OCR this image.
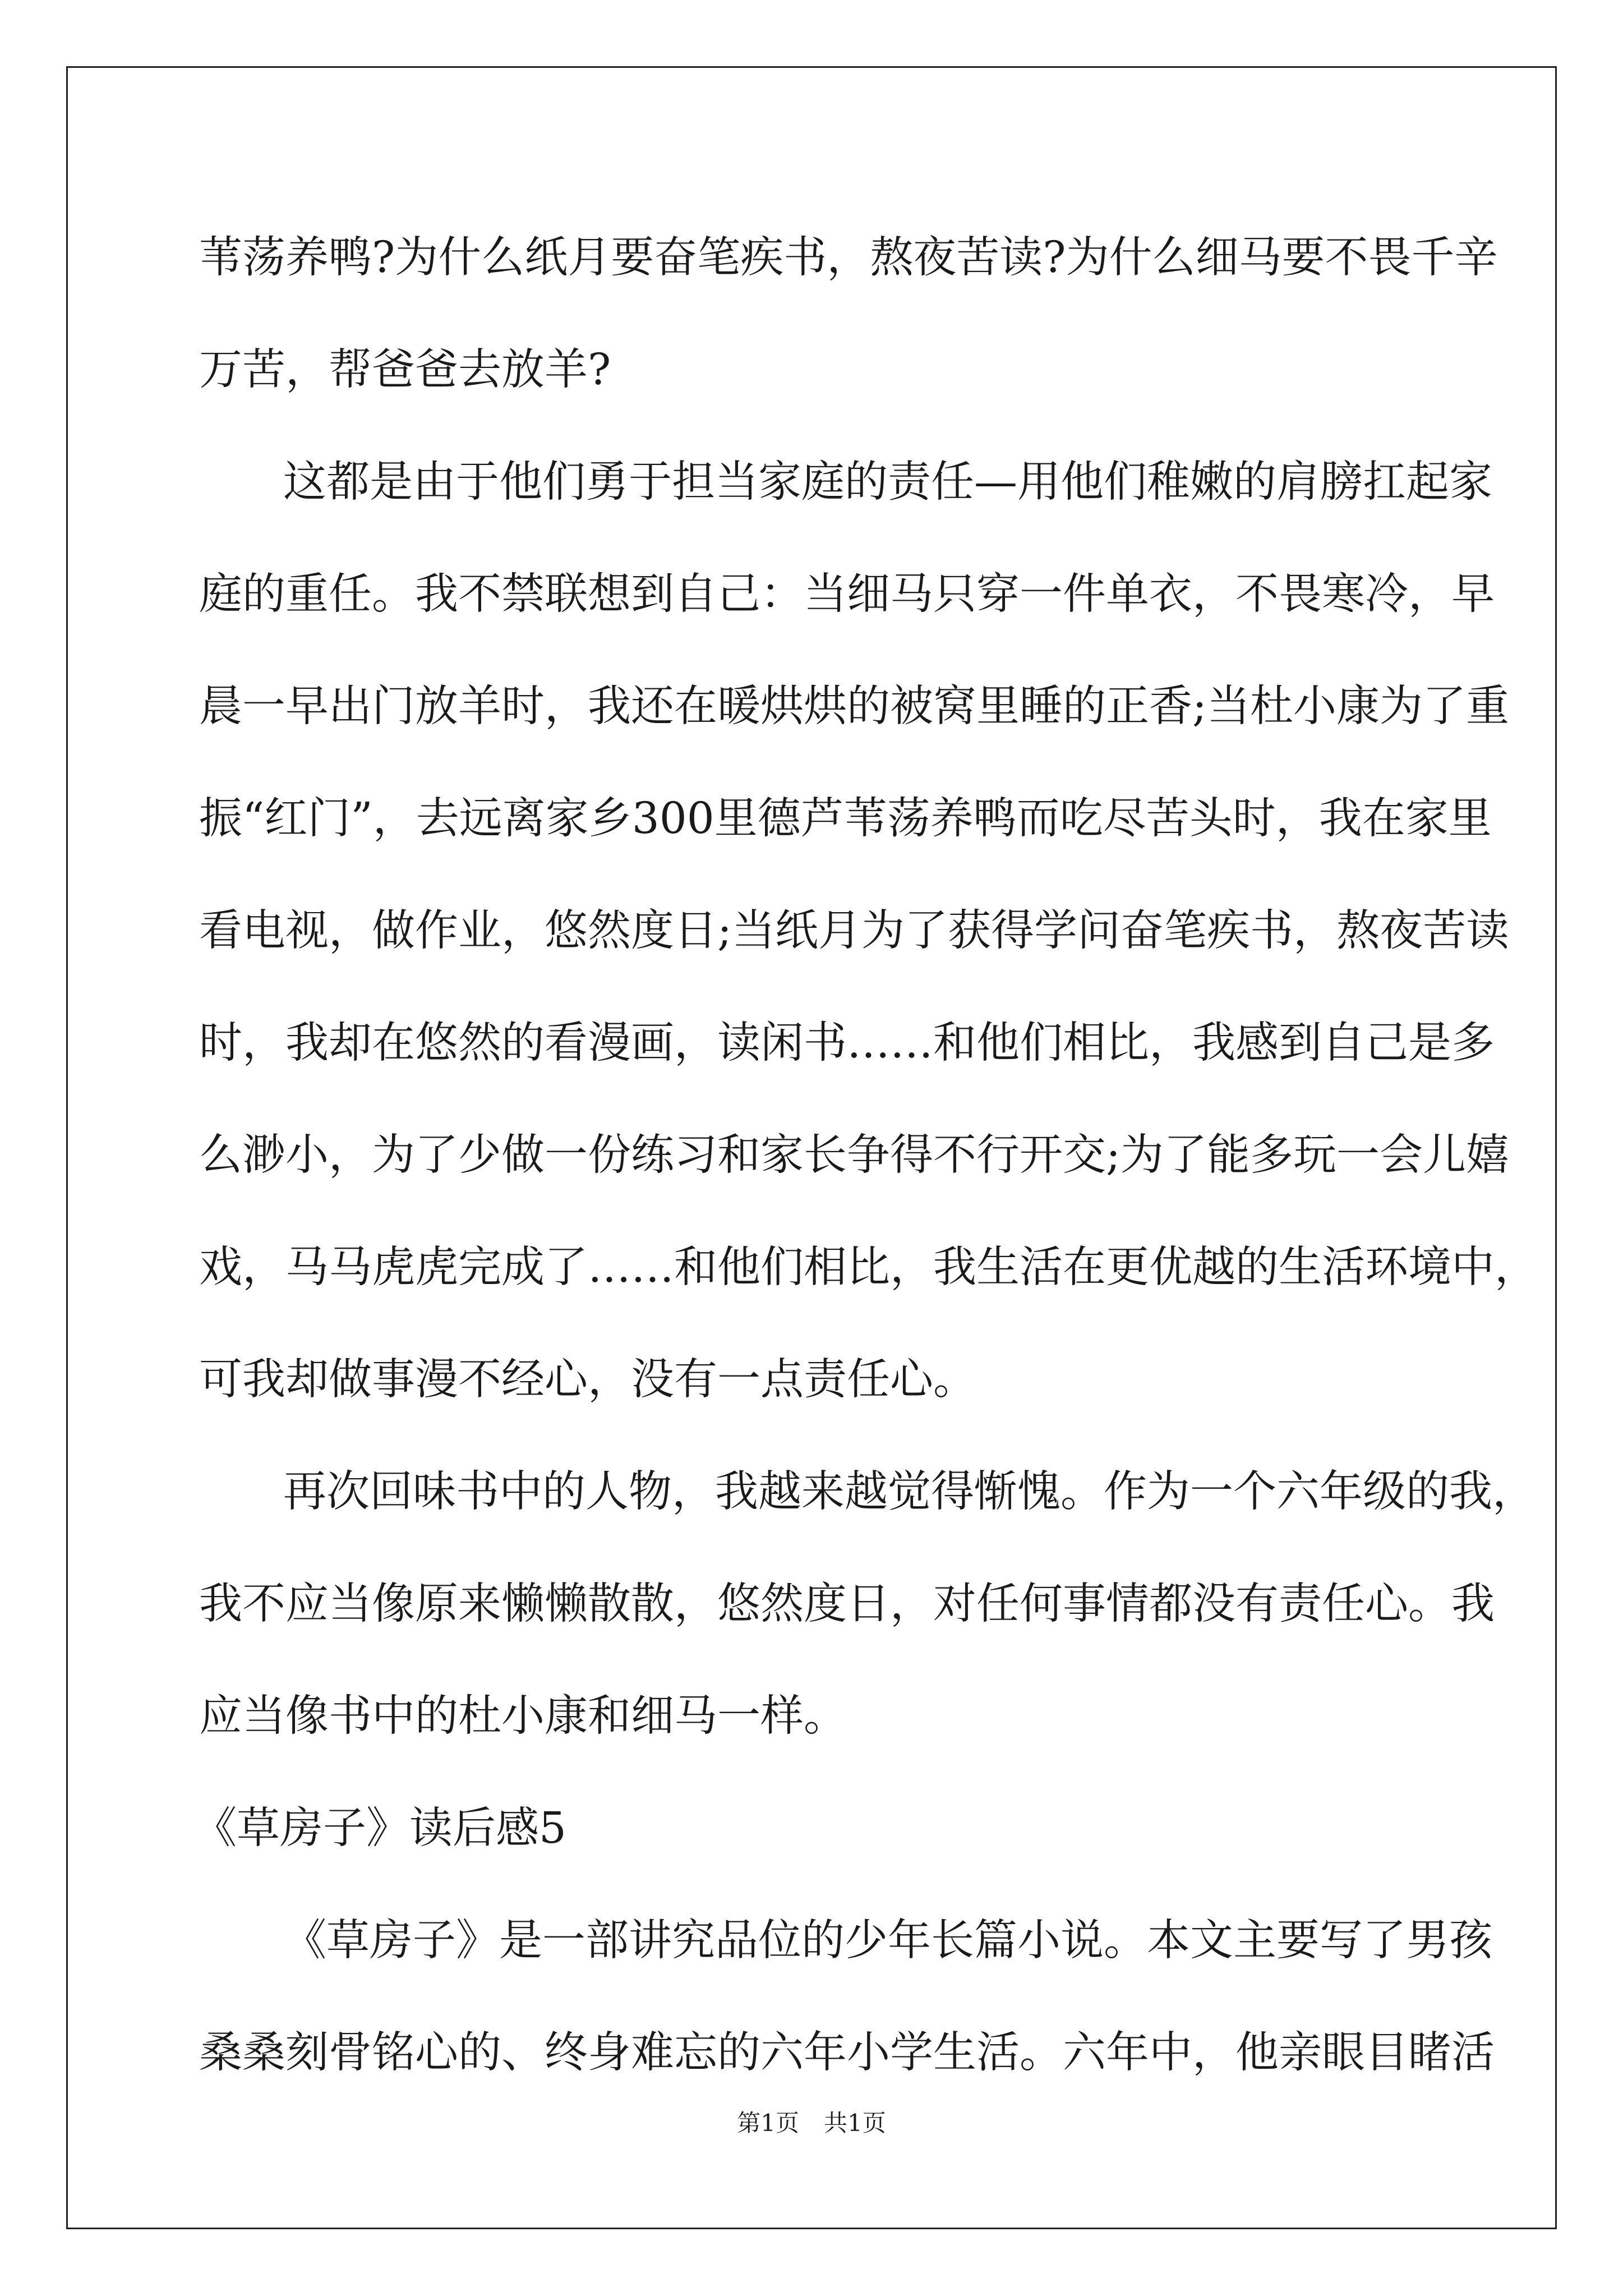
苇荡养鸭?为什么纸月要奋笔疾书，熬夜苦读?为什么细马要不畏千辛
万苦，帮爸爸去放羊?
这都是由于他们勇于担当家庭的责任—用他们稚嫩的肩膀扛起家
庭的重任。我不禁联想到自己：当细马只穿一件单衣，不畏寒冷，早
晨一早出门放羊时，我还在暖烘烘的被窝里睡的正香;当杜小康为了重
振“红门”，去远离家乡300里德芦苇荡养鸭而吃尽苦头时，我在家里
看电视，做作业，悠然度日;当纸月为了获得学问奋笔疾书，熬夜苦读
时，我却在悠然的看漫画，读闲书……和他们相比，我感到自己是多
么渺小，为了少做一份练习和家长争得不行开交;为了能多玩一会儿嬉
戏，马马虎虎完成了……和他们相比，我生活在更优越的生活环境中，
可我却做事漫不经心，没有一点责任心。
再次回味书中的人物，我越来越觉得惭愧。作为一个六年级的我，
我不应当像原来懒懒散散，悠然度日，对任何事情都没有责任心。我
应当像书中的杜小康和细马一样。
《草房子》读后感5
《草房子》是一部讲究品位的少年长篇小说。本文主要写了男孩
桑桑刻骨铭心的、终身难忘的六年小学生活。六年中，他亲眼目睹活
第1页 共1页
